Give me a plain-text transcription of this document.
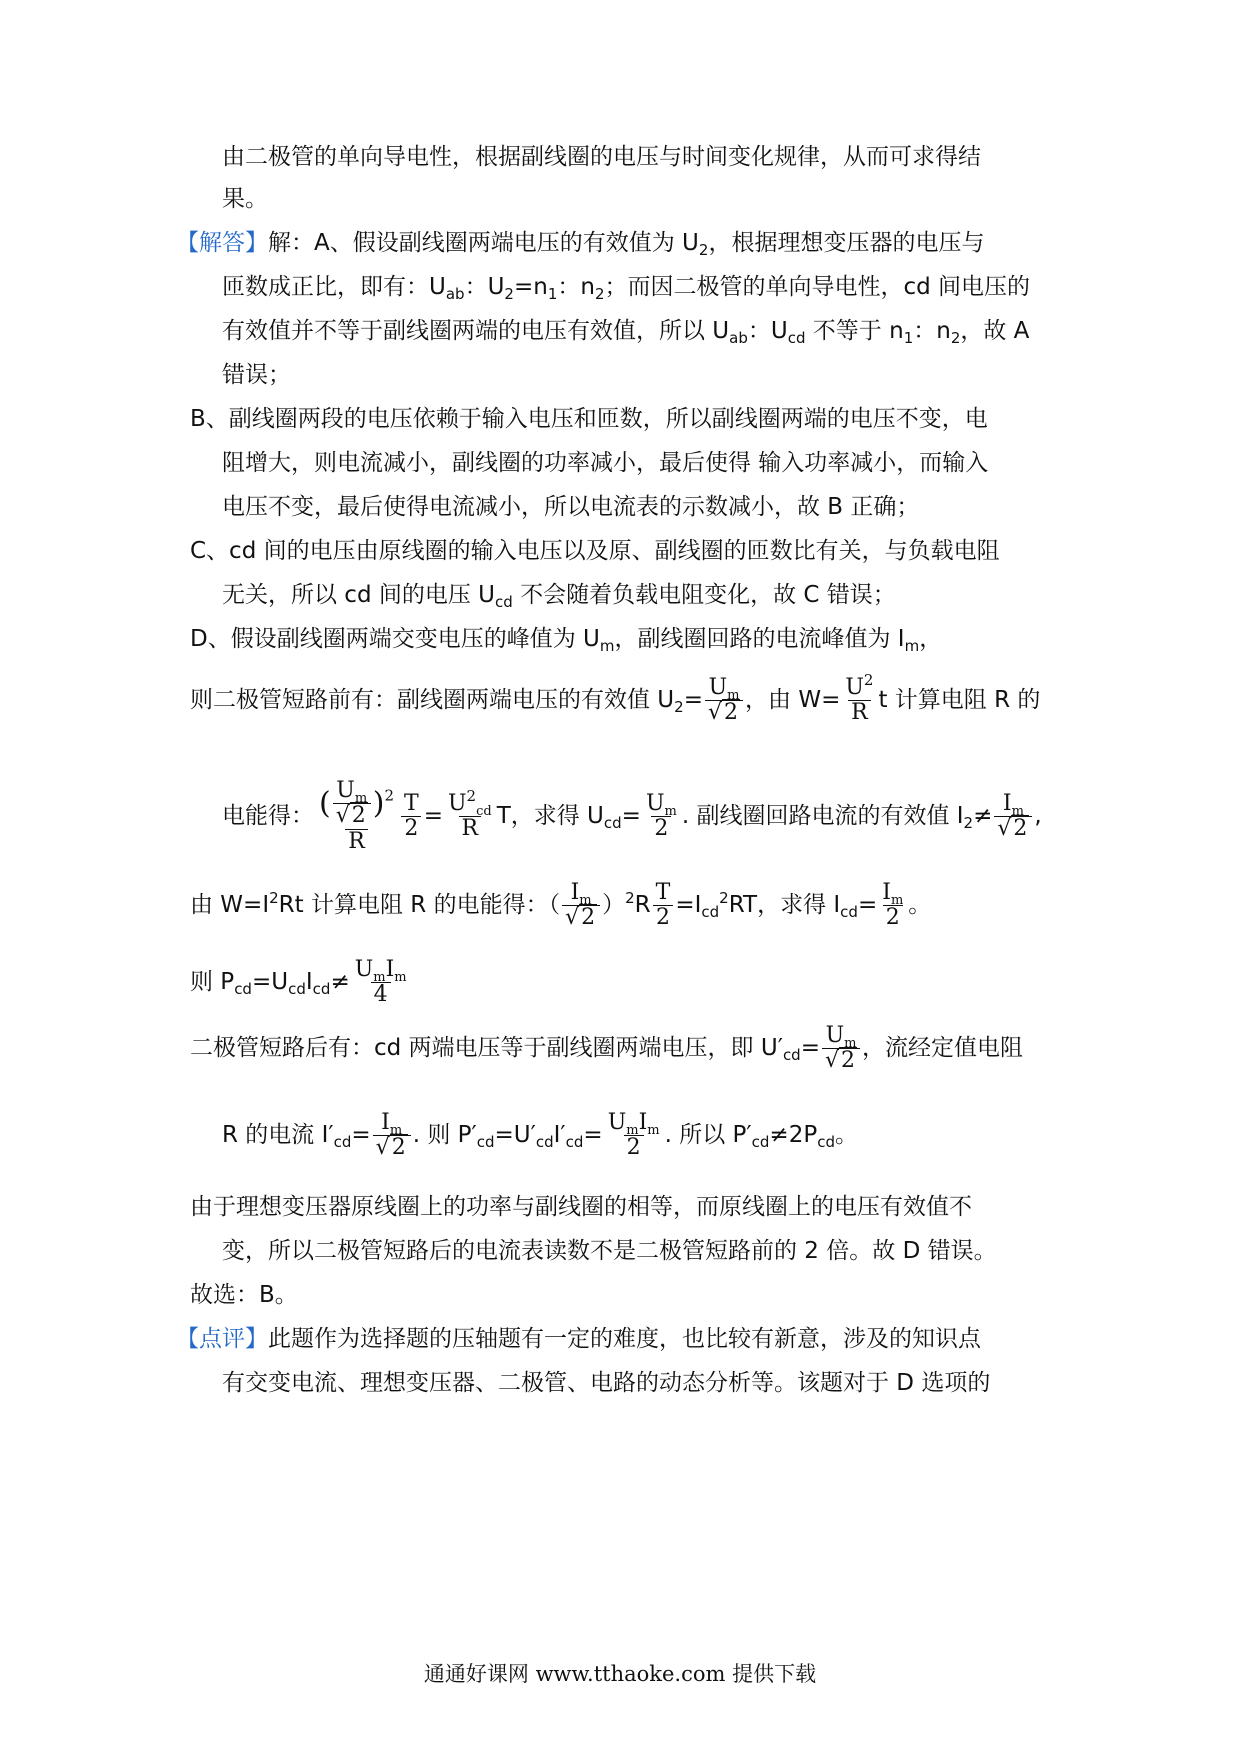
由二极管的单向导电性，根据副线圈的电压与时间变化规律，从而可求得结
果。
【解答】解：A、假设副线圈两端电压的有效值为 $U_2$，根据理想变压器的电压与
匝数成正比，即有：$U_{ab}$：$U_2=n_1$：$n_2$；而因二极管的单向导电性，cd 间电压的
有效值并不等于副线圈两端的电压有效值，所以 $U_{ab}$：$U_{cd}$ 不等于 $n_1$：$n_2$，故 A
错误；
B、副线圈两段的电压依赖于输入电压和匝数，所以副线圈两端的电压不变，电
阻增大，则电流减小，副线圈的功率减小，最后使得 输入功率减小，而输入
电压不变，最后使得电流减小，所以电流表的示数减小，故 B 正确；
C、cd 间的电压由原线圈的输入电压以及原、副线圈的匝数比有关，与负载电阻
无关，所以 cd 间的电压 $U_{cd}$ 不会随着负载电阻变化，故 C 错误；
D、假设副线圈两端交变电压的峰值为 $U_m$，副线圈回路的电流峰值为 $I_m$，
则二极管短路前有：副线圈两端电压的有效值 $U_2= \frac{U_m}{√2}$ ，由 $W= \frac{U^2}{R}$ t 计算电阻 R 的
电能得： $\frac{( \frac{U_m}{√2} )^2}{R} \frac{T}{2} = \frac{U^2_{cd}}{R}$ T，求得 $U_{cd}= \frac{U_m}{2}$ . 副线圈回路电流的有效值 $I_2\ne \frac{I_m}{√2}$ ,
由 $W=I^2Rt$ 计算电阻 R 的电能得：（ $\frac{I_m}{√2} )^2R \frac{T}{2} =I_{cd}^2RT$，求得 $I_{cd}= \frac{I_m}{2}$ 。
则 $P_{cd}=U_{cd}I_{cd}\ne \frac{U_mI_m}{4}$
二极管短路后有：cd 两端电压等于副线圈两端电压，即 $U'_{cd}= \frac{U_m}{√2}$ ，流经定值电阻
R 的电流 $I'_{cd}= \frac{I_m}{√2}$ . 则 $P'_{cd}=U'_{cd}I'_{cd}= \frac{U_mI_m}{2}$ . 所以 $P'_{cd}\ne 2P_{cd}$。
由于理想变压器原线圈上的功率与副线圈的相等，而原线圈上的电压有效值不
变，所以二极管短路后的电流表读数不是二极管短路前的 2 倍。故 D 错误。
故选：B。
【点评】此题作为选择题的压轴题有一定的难度，也比较有新意，涉及的知识点
有交变电流、理想变压器、二极管、电路的动态分析等。该题对于 D 选项的
通通好课网 www.tthaoke.com 提供下载
